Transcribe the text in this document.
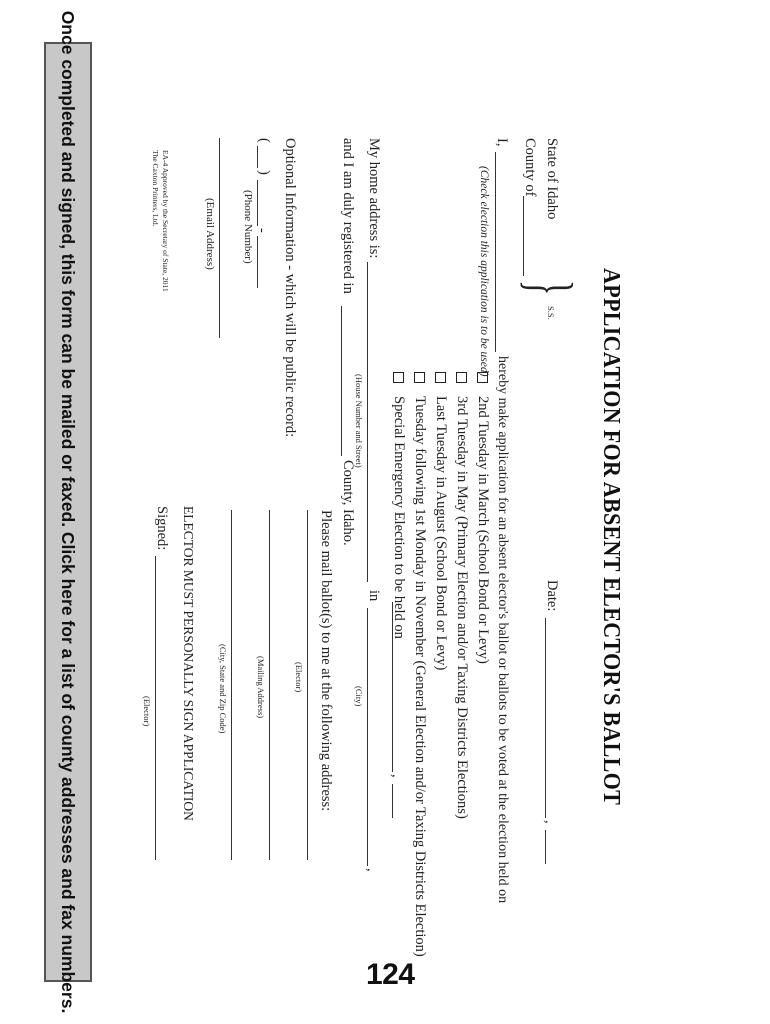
APPLICATION FOR ABSENT ELECTOR'S BALLOT
State of Idaho
County of
}
S.S.
Date:
,
I,
hereby make application for an absent elector's ballot or ballots to be voted at the election held on
(Check election this application is to be used)
2nd Tuesday in March (School Bond or Levy)
3rd Tuesday in May (Primary Election and/or Taxing Districts Elections)
Last Tuesday in August (School Bond or Levy)
Tuesday following 1st Monday in November (General Election and/or Taxing Districts Election)
Special Emergency Election to be held on
,
My home address is:
(House Number and Street)
in
,
(City)
and I am duly registered in
County, Idaho.
Please mail ballot(s) to me at the following address:
(Elector)
(Mailing Address)
(City, State and Zip Code)
Optional Information - which will be public record:
(
)
-
(Phone Number)
(Email Address)
ELECTOR MUST PERSONALLY SIGN APPLICATION
Signed:
(Elector)
EA-4 Approved by the Secretary of State, 2011
The Caxton Printers, Ltd.
Once completed and signed, this form can be mailed or faxed. Click here for a list of county addresses and fax numbers.	124
